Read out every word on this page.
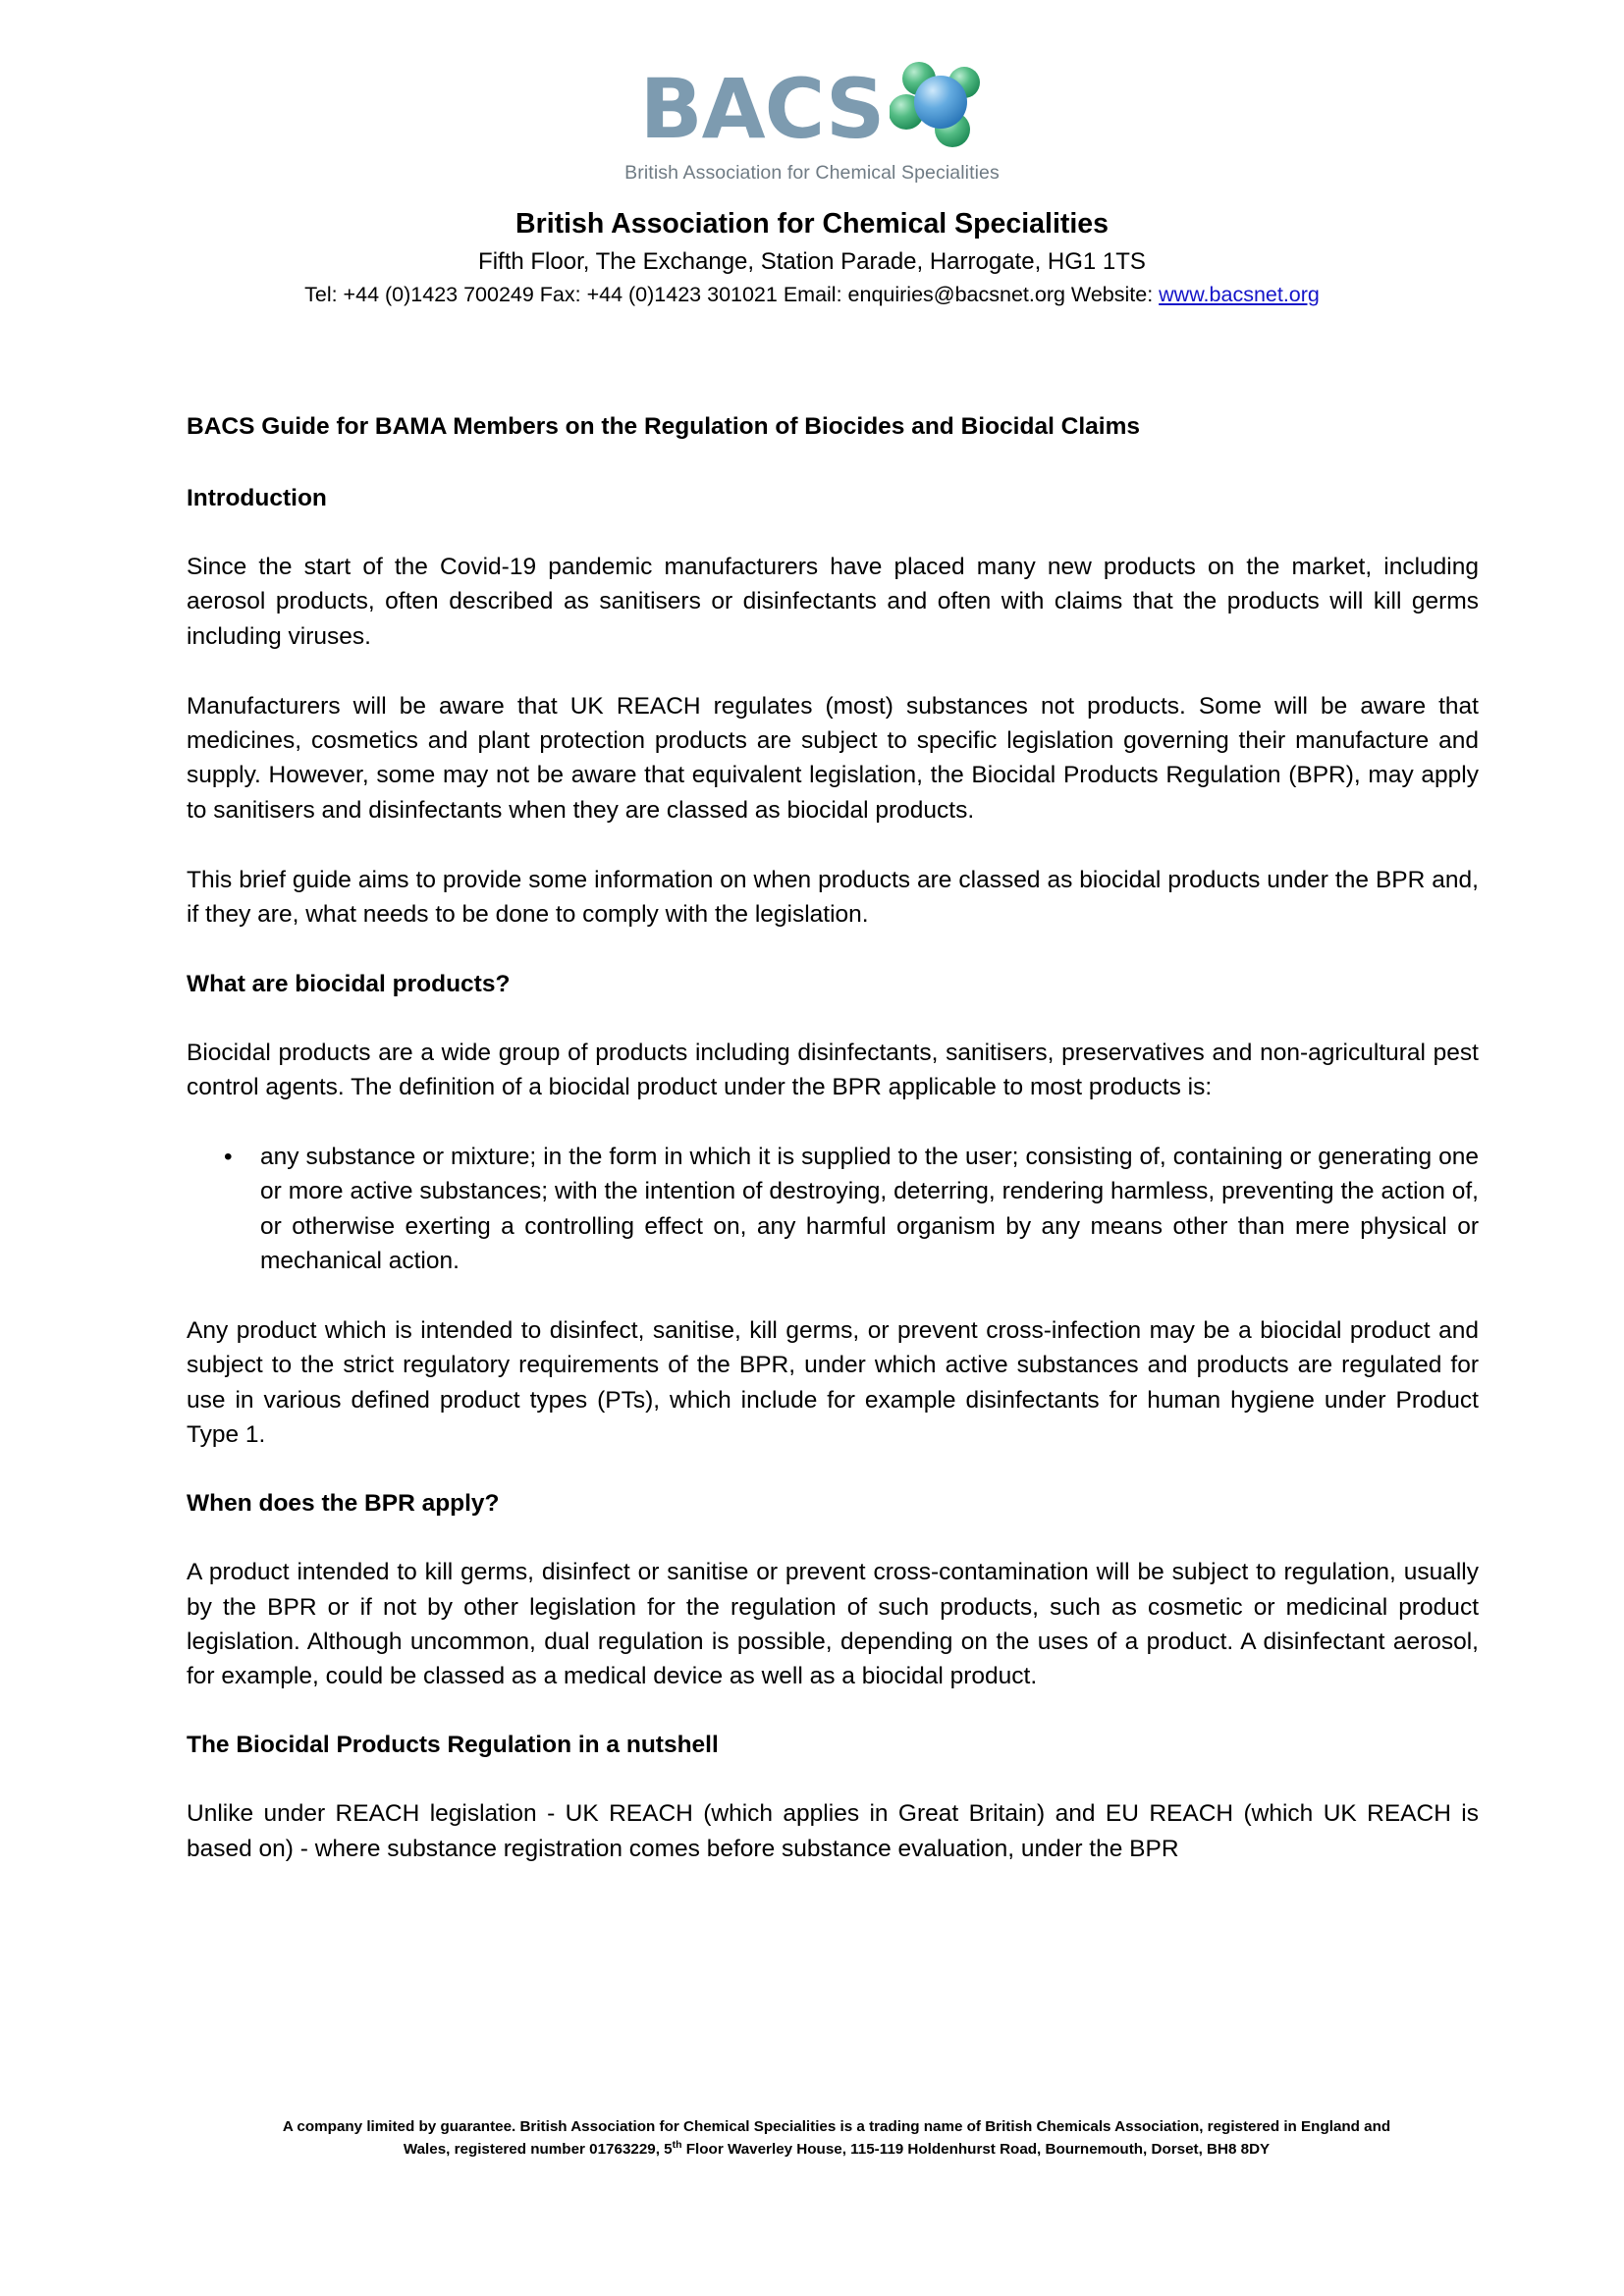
BACS
British Association for Chemical Specialities
British Association for Chemical Specialities
Fifth Floor, The Exchange, Station Parade, Harrogate, HG1 1TS
Tel: +44 (0)1423 700249 Fax: +44 (0)1423 301021 Email: enquiries@bacsnet.org Website: www.bacsnet.org
BACS Guide for BAMA Members on the Regulation of Biocides and Biocidal Claims
Introduction

Since the start of the Covid-19 pandemic manufacturers have placed many new products on the market, including aerosol products, often described as sanitisers or disinfectants and often with claims that the products will kill germs including viruses.

Manufacturers will be aware that UK REACH regulates (most) substances not products. Some will be aware that medicines, cosmetics and plant protection products are subject to specific legislation governing their manufacture and supply. However, some may not be aware that equivalent legislation, the Biocidal Products Regulation (BPR), may apply to sanitisers and disinfectants when they are classed as biocidal products.

This brief guide aims to provide some information on when products are classed as biocidal products under the BPR and, if they are, what needs to be done to comply with the legislation.

What are biocidal products?

Biocidal products are a wide group of products including disinfectants, sanitisers, preservatives and non-agricultural pest control agents. The definition of a biocidal product under the BPR applicable to most products is:

• any substance or mixture; in the form in which it is supplied to the user; consisting of, containing or generating one or more active substances; with the intention of destroying, deterring, rendering harmless, preventing the action of, or otherwise exerting a controlling effect on, any harmful organism by any means other than mere physical or mechanical action.

Any product which is intended to disinfect, sanitise, kill germs, or prevent cross-infection may be a biocidal product and subject to the strict regulatory requirements of the BPR, under which active substances and products are regulated for use in various defined product types (PTs), which include for example disinfectants for human hygiene under Product Type 1.

When does the BPR apply?

A product intended to kill germs, disinfect or sanitise or prevent cross-contamination will be subject to regulation, usually by the BPR or if not by other legislation for the regulation of such products, such as cosmetic or medicinal product legislation. Although uncommon, dual regulation is possible, depending on the uses of a product. A disinfectant aerosol, for example, could be classed as a medical device as well as a biocidal product.

The Biocidal Products Regulation in a nutshell

Unlike under REACH legislation - UK REACH (which applies in Great Britain) and EU REACH (which UK REACH is based on) - where substance registration comes before substance evaluation, under the BPR

A company limited by guarantee. British Association for Chemical Specialities is a trading name of British Chemicals Association, registered in England and
Wales, registered number 01763229, 5th Floor Waverley House, 115-119 Holdenhurst Road, Bournemouth, Dorset, BH8 8DY
